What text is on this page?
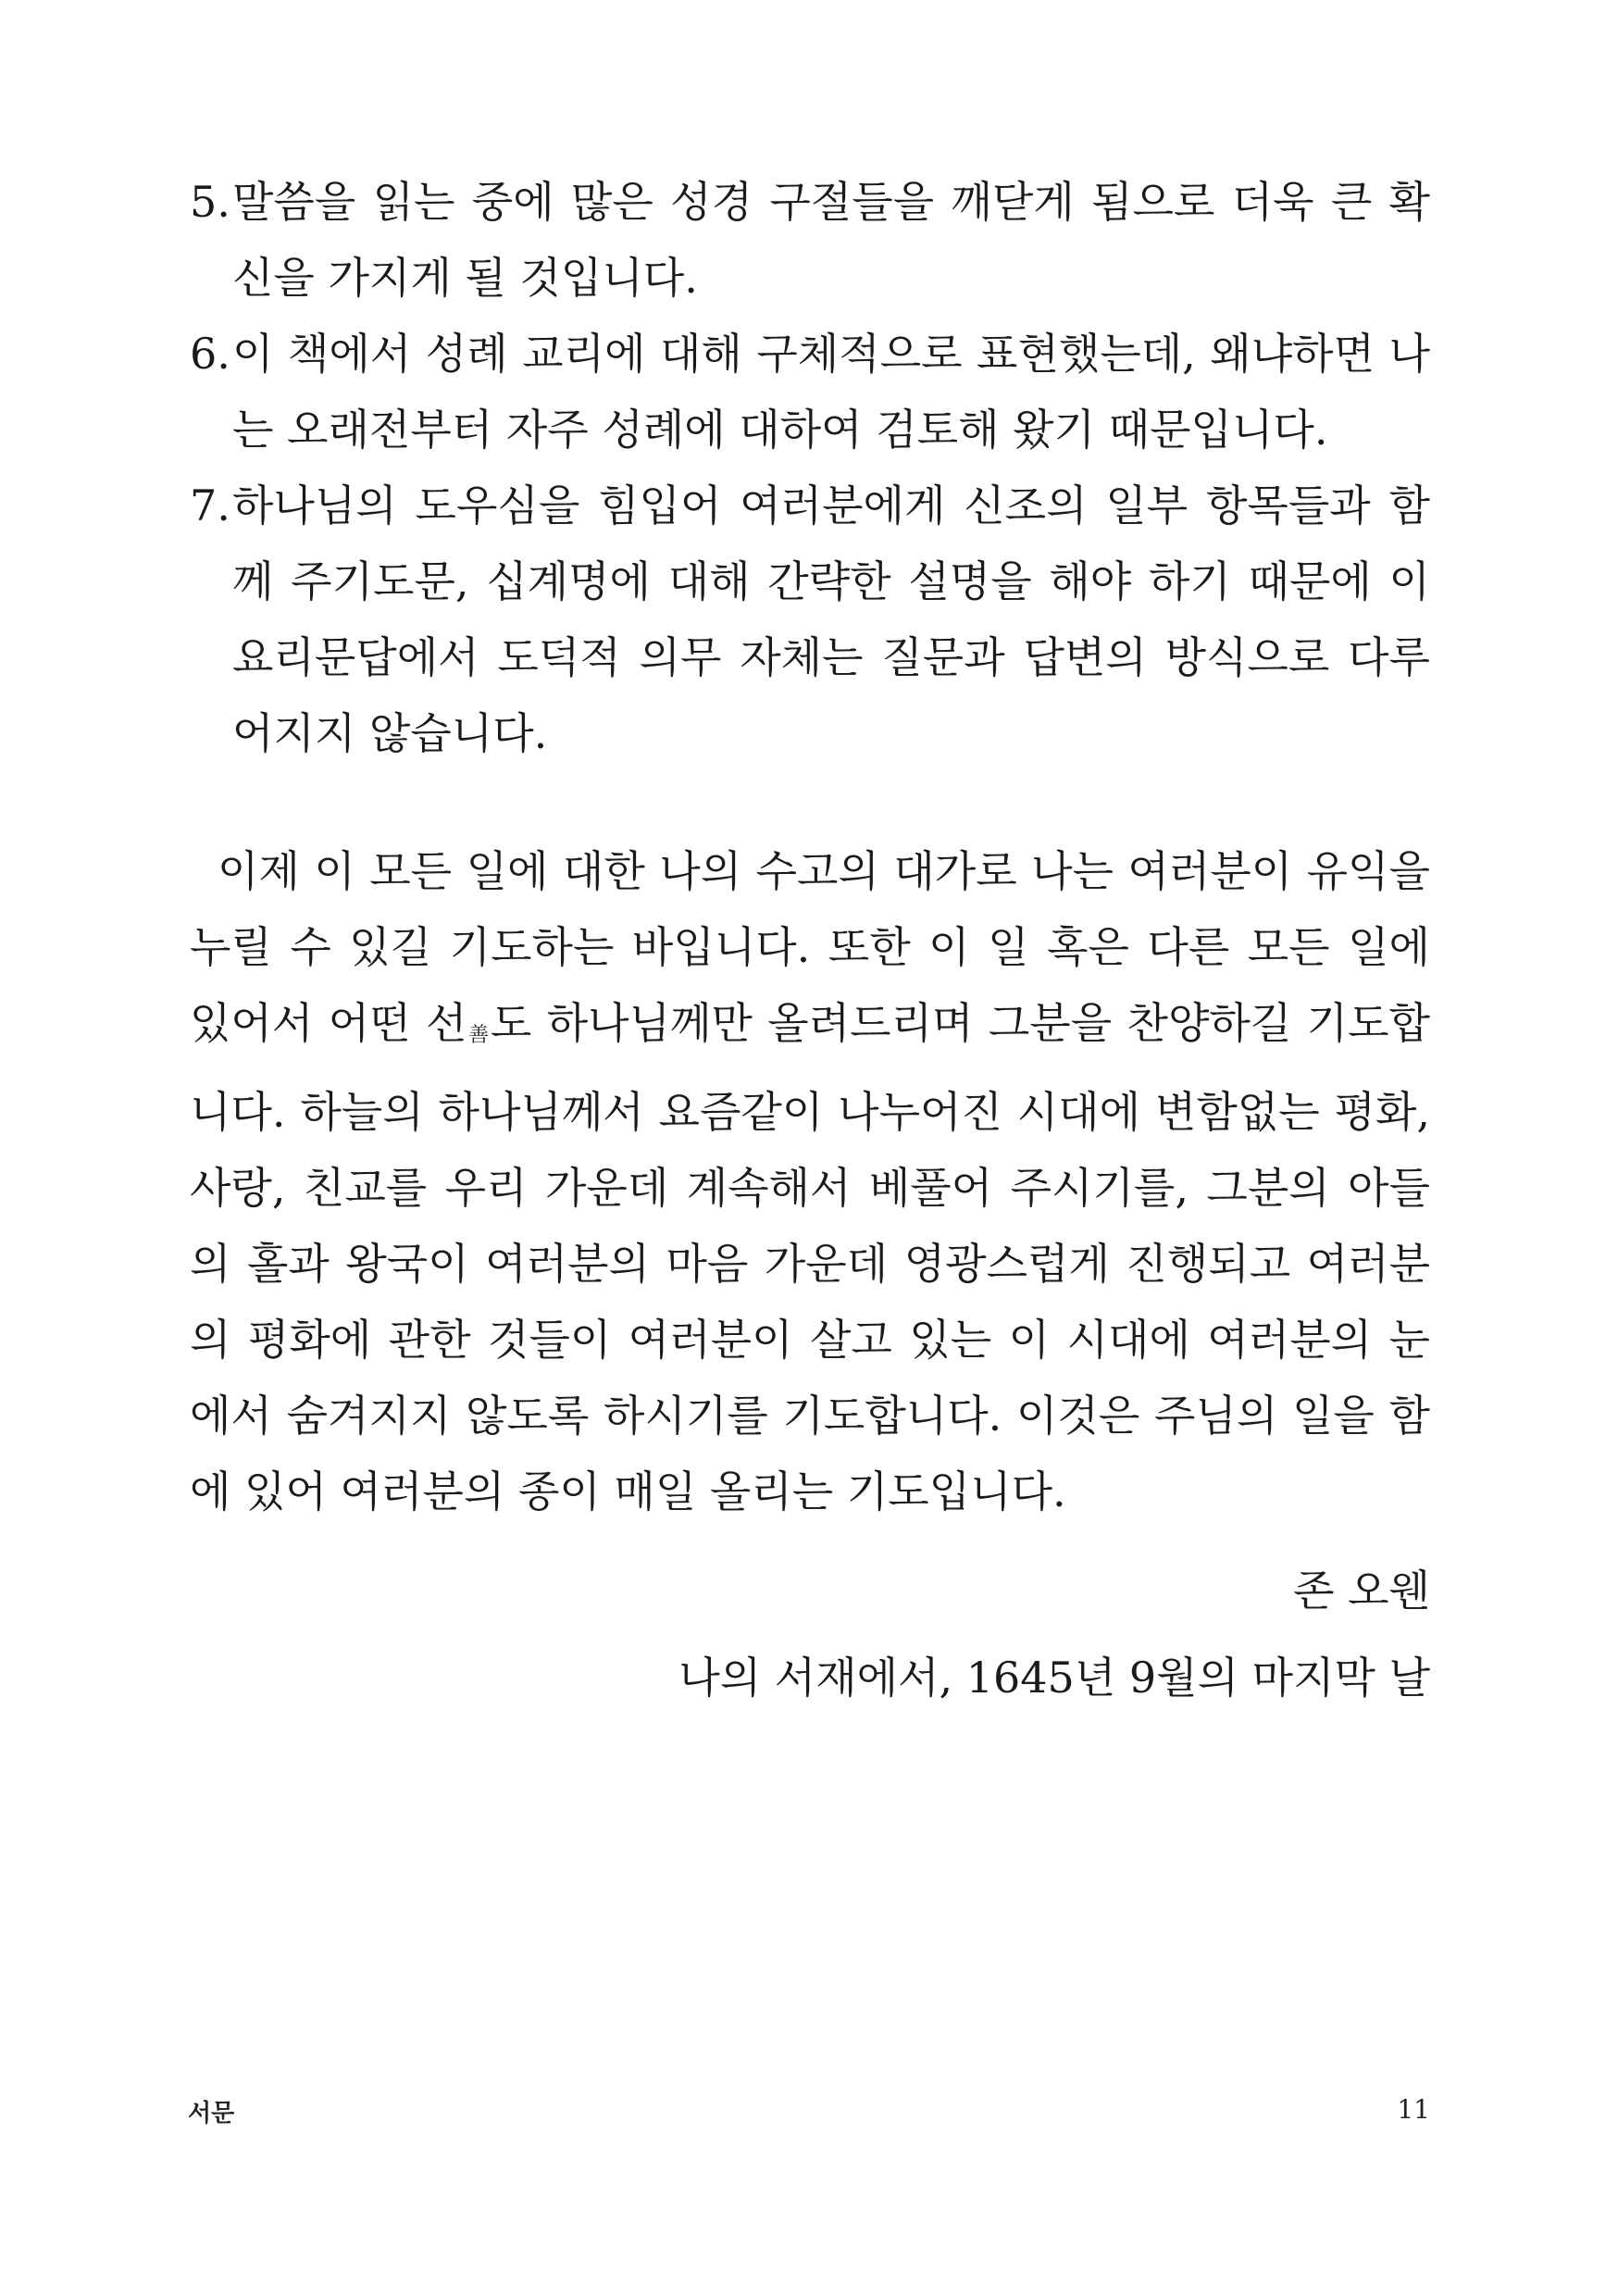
5. 말씀을 읽는 중에 많은 성경 구절들을 깨닫게 됨으로 더욱 큰 확신을 가지게 될 것입니다.
6. 이 책에서 성례 교리에 대해 구체적으로 표현했는데, 왜냐하면 나는 오래전부터 자주 성례에 대하여 검토해 왔기 때문입니다.
7. 하나님의 도우심을 힘입어 여러분에게 신조의 일부 항목들과 함께 주기도문, 십계명에 대해 간략한 설명을 해야 하기 때문에 이 요리문답에서 도덕적 의무 자체는 질문과 답변의 방식으로 다루어지지 않습니다.
이제 이 모든 일에 대한 나의 수고의 대가로 나는 여러분이 유익을 누릴 수 있길 기도하는 바입니다. 또한 이 일 혹은 다른 모든 일에 있어서 어떤 선善도 하나님께만 올려드리며 그분을 찬양하길 기도합니다. 하늘의 하나님께서 요즘같이 나누어진 시대에 변함없는 평화, 사랑, 친교를 우리 가운데 계속해서 베풀어 주시기를, 그분의 아들의 홀과 왕국이 여러분의 마음 가운데 영광스럽게 진행되고 여러분의 평화에 관한 것들이 여러분이 살고 있는 이 시대에 여러분의 눈에서 숨겨지지 않도록 하시기를 기도합니다. 이것은 주님의 일을 함에 있어 여러분의 종이 매일 올리는 기도입니다.
존 오웬
나의 서재에서, 1645년 9월의 마지막 날
서문	11
